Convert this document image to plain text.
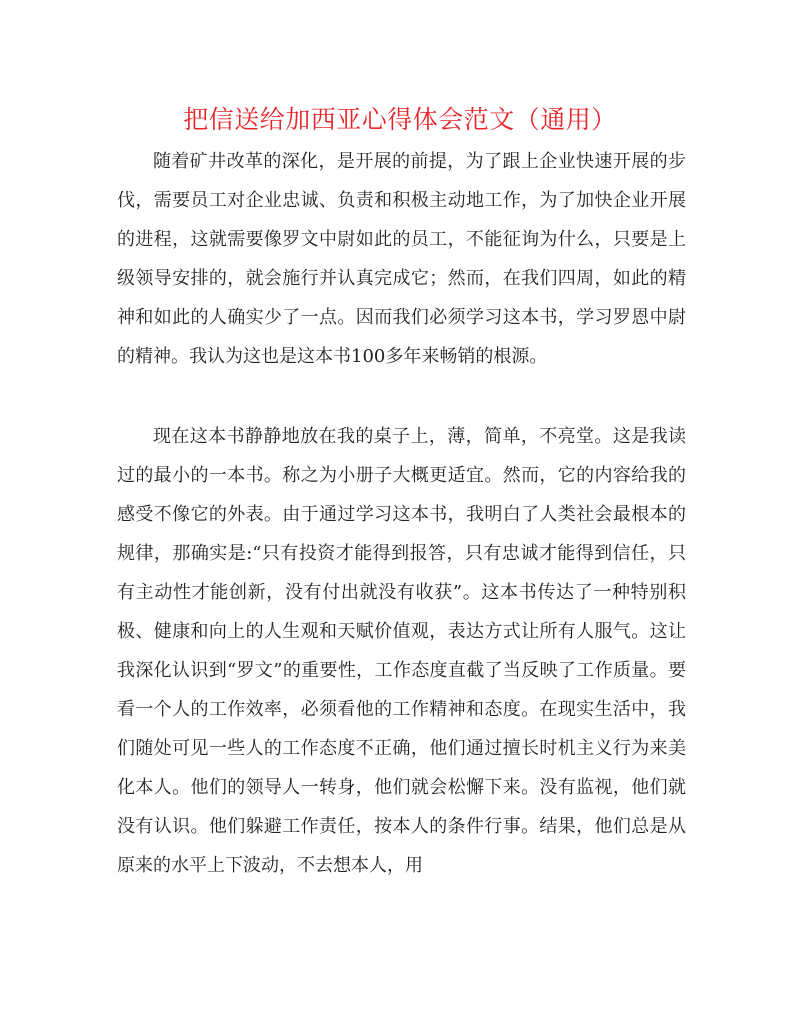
把信送给加西亚心得体会范文（通用）

随着矿井改革的深化，是开展的前提，为了跟上企业快速开展的步伐，需要员工对企业忠诚、负责和积极主动地工作，为了加快企业开展的进程，这就需要像罗文中尉如此的员工，不能征询为什么，只要是上级领导安排的，就会施行并认真完成它；然而，在我们四周，如此的精神和如此的人确实少了一点。因而我们必须学习这本书，学习罗恩中尉的精神。我认为这也是这本书100多年来畅销的根源。

现在这本书静静地放在我的桌子上，薄，简单，不亮堂。这是我读过的最小的一本书。称之为小册子大概更适宜。然而，它的内容给我的感受不像它的外表。由于通过学习这本书，我明白了人类社会最根本的规律，那确实是:“只有投资才能得到报答，只有忠诚才能得到信任，只有主动性才能创新，没有付出就没有收获”。这本书传达了一种特别积极、健康和向上的人生观和天赋价值观，表达方式让所有人服气。这让我深化认识到“罗文”的重要性，工作态度直截了当反映了工作质量。要看一个人的工作效率，必须看他的工作精神和态度。在现实生活中，我们随处可见一些人的工作态度不正确，他们通过擅长时机主义行为来美化本人。他们的领导人一转身，他们就会松懈下来。没有监视，他们就没有认识。他们躲避工作责任，按本人的条件行事。结果，他们总是从原来的水平上下波动，不去想本人，用
